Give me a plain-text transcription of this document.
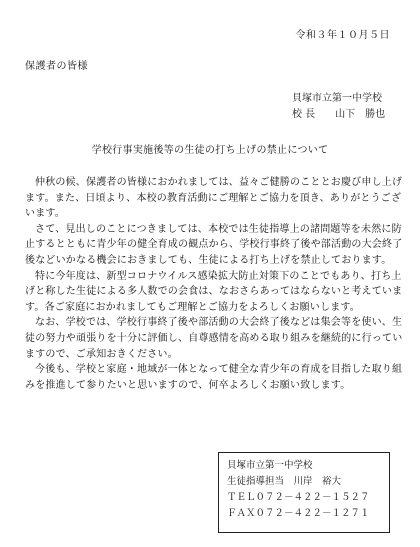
令和３年１０月５日
保護者の皆様
貝塚市立第一中学校
校 長 山下　勝也
学校行事実施後等の生徒の打ち上げの禁止について

仲秋の候、保護者の皆様におかれましては、益々ご健勝のこととお慶び申し上げます。また、日頃より、本校の教育活動にご理解とご協力を頂き、ありがとうございます。

さて、見出しのことにつきましては、本校では生徒指導上の諸問題等を未然に防止するとともに青少年の健全育成の観点から、学校行事終了後や部活動の大会終了後などいかなる機会におきましても、生徒による打ち上げを禁止しております。

特に今年度は、新型コロナウイルス感染拡大防止対策下のことでもあり、打ち上げと称した生徒による多人数での会食は、なおさらあってはならないと考えています。各ご家庭におかれましてもご理解とご協力をよろしくお願いします。

なお、学校では、学校行事終了後や部活動の大会終了後などは集会等を使い、生徒の努力や頑張りを十分に評価し、自尊感情を高める取り組みを継続的に行っていますので、ご承知おきください。

今後も、学校と家庭・地域が一体となって健全な青少年の育成を目指した取り組みを推進して参りたいと思いますので、何卒よろしくお願い致します。

貝塚市立第一中学校
生徒指導担当　川岸　裕大
ＴＥＬ０７２－４２２－１５２７
ＦＡＸ０７２－４２２－１２７１
